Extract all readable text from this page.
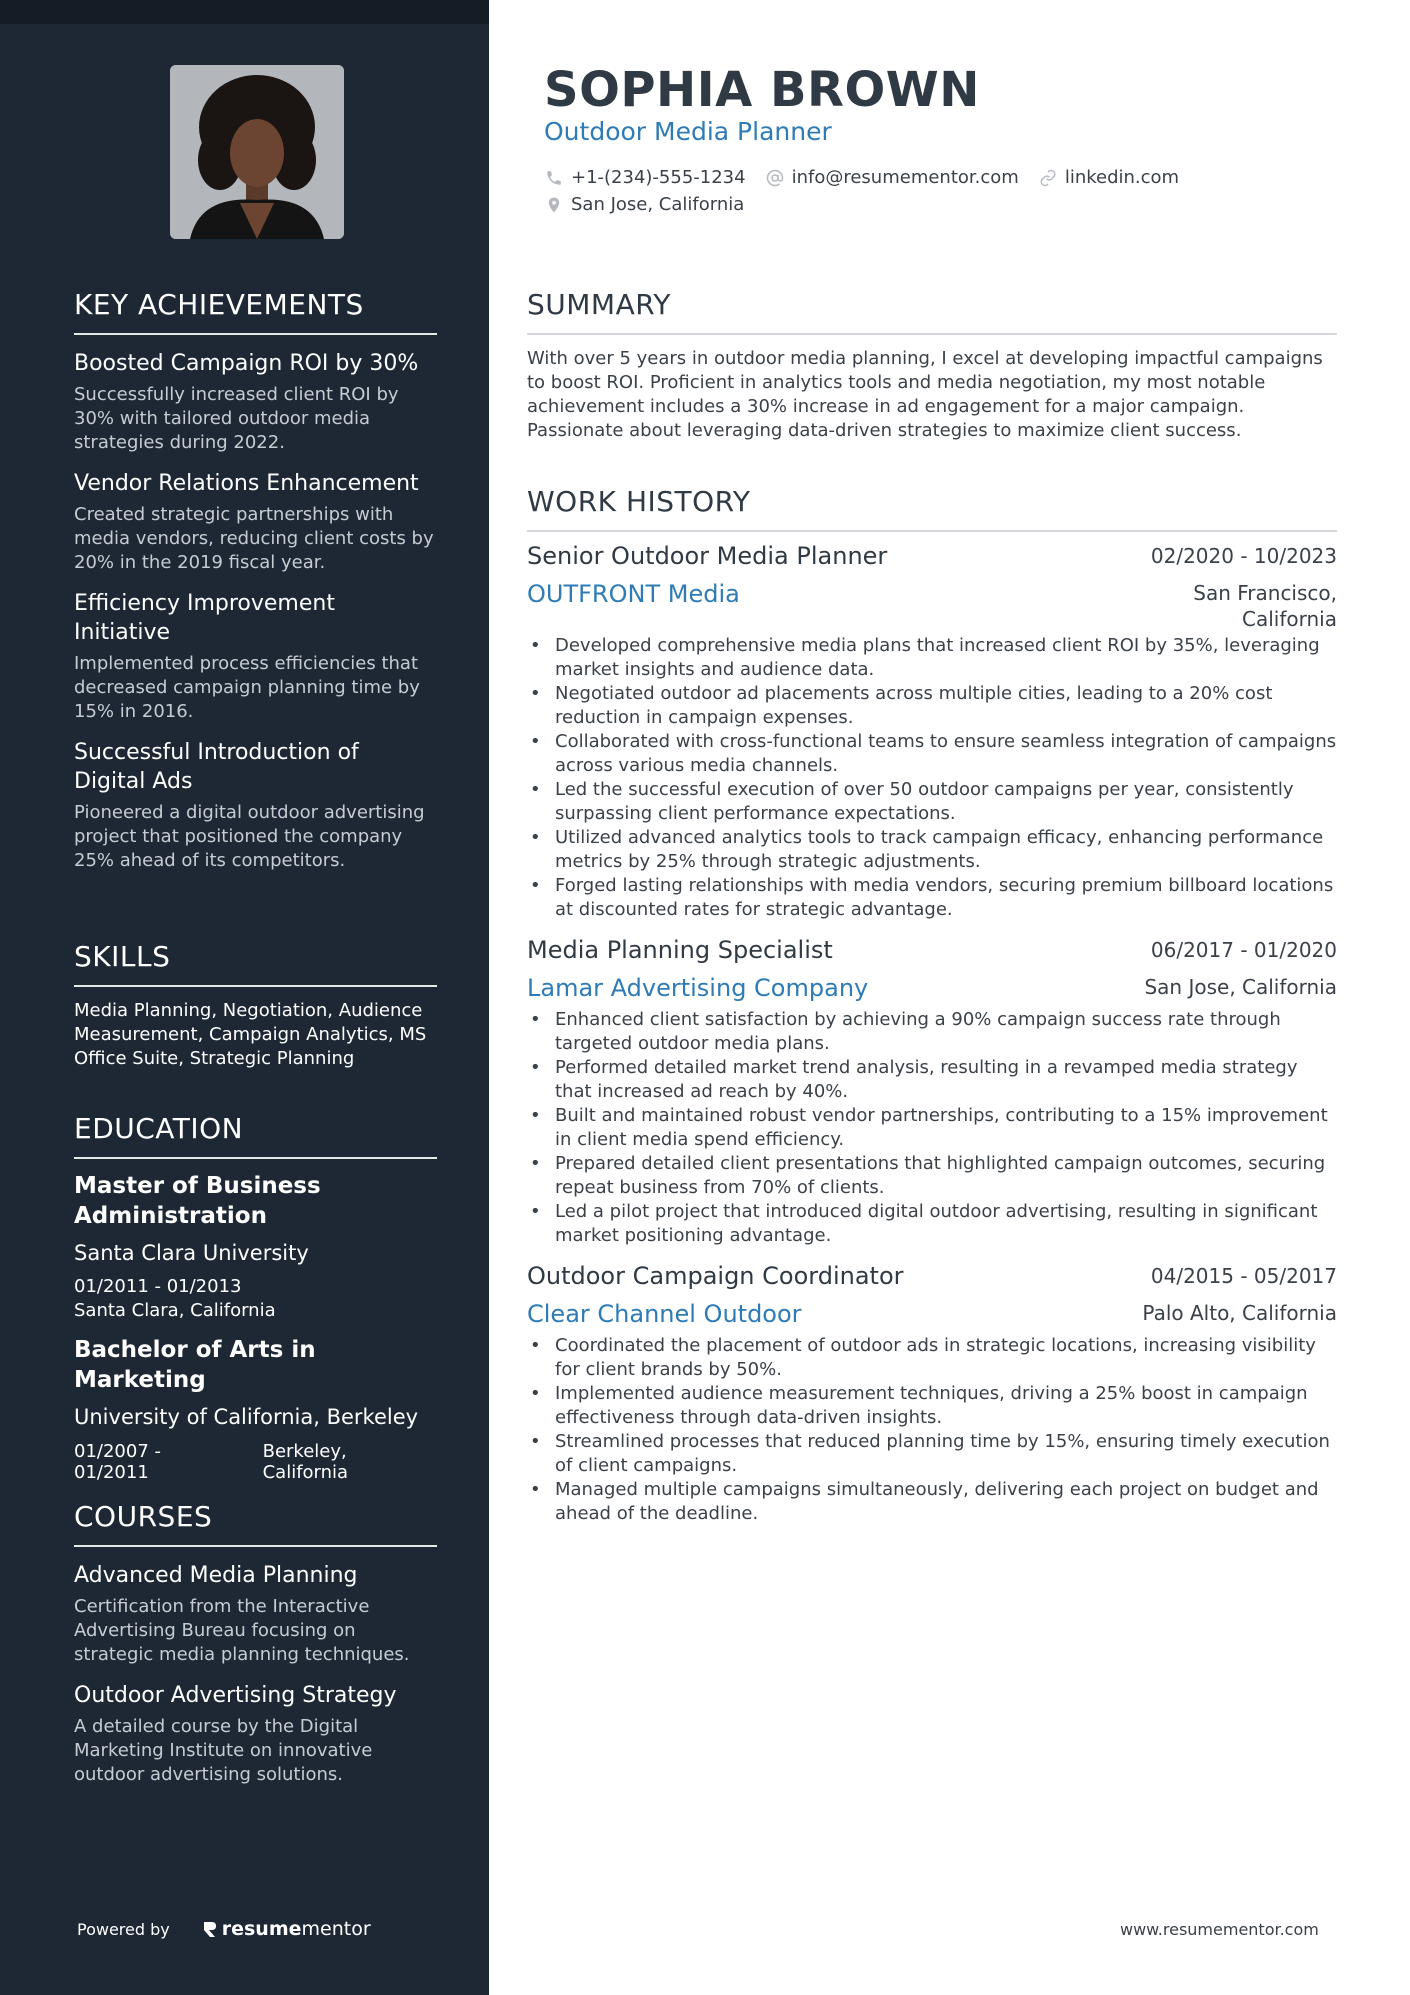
KEY ACHIEVEMENTS
Boosted Campaign ROI by 30%
Successfully increased client ROI by 30% with tailored outdoor media strategies during 2022.
Vendor Relations Enhancement
Created strategic partnerships with media vendors, reducing client costs by 20% in the 2019 fiscal year.
Efficiency Improvement Initiative
Implemented process efficiencies that decreased campaign planning time by 15% in 2016.
Successful Introduction of Digital Ads
Pioneered a digital outdoor advertising project that positioned the company 25% ahead of its competitors.
SKILLS
Media Planning, Negotiation, Audience Measurement, Campaign Analytics, MS Office Suite, Strategic Planning
EDUCATION
Master of Business Administration
Santa Clara University
01/2011 - 01/2013
Santa Clara, California
Bachelor of Arts in Marketing
University of California, Berkeley
01/2007 - 01/2011
Berkeley, California
COURSES
Advanced Media Planning
Certification from the Interactive Advertising Bureau focusing on strategic media planning techniques.
Outdoor Advertising Strategy
A detailed course by the Digital Marketing Institute on innovative outdoor advertising solutions.
Powered by	resume mentor
SOPHIA BROWN
Outdoor Media Planner
+1-(234)-555-1234	info@resumementor.com	linkedin.com
San Jose, California
SUMMARY
With over 5 years in outdoor media planning, I excel at developing impactful campaigns to boost ROI. Proficient in analytics tools and media negotiation, my most notable achievement includes a 30% increase in ad engagement for a major campaign. Passionate about leveraging data-driven strategies to maximize client success.
WORK HISTORY
Senior Outdoor Media Planner	02/2020 - 10/2023
OUTFRONT Media	San Francisco,
California
• Developed comprehensive media plans that increased client ROI by 35%, leveraging market insights and audience data.
• Negotiated outdoor ad placements across multiple cities, leading to a 20% cost reduction in campaign expenses.
• Collaborated with cross-functional teams to ensure seamless integration of campaigns across various media channels.
• Led the successful execution of over 50 outdoor campaigns per year, consistently surpassing client performance expectations.
• Utilized advanced analytics tools to track campaign efficacy, enhancing performance metrics by 25% through strategic adjustments.
• Forged lasting relationships with media vendors, securing premium billboard locations at discounted rates for strategic advantage.
Media Planning Specialist	06/2017 - 01/2020
Lamar Advertising Company	San Jose, California
• Enhanced client satisfaction by achieving a 90% campaign success rate through targeted outdoor media plans.
• Performed detailed market trend analysis, resulting in a revamped media strategy that increased ad reach by 40%.
• Built and maintained robust vendor partnerships, contributing to a 15% improvement in client media spend efficiency.
• Prepared detailed client presentations that highlighted campaign outcomes, securing repeat business from 70% of clients.
• Led a pilot project that introduced digital outdoor advertising, resulting in significant market positioning advantage.
Outdoor Campaign Coordinator	04/2015 - 05/2017
Clear Channel Outdoor	Palo Alto, California
• Coordinated the placement of outdoor ads in strategic locations, increasing visibility for client brands by 50%.
• Implemented audience measurement techniques, driving a 25% boost in campaign effectiveness through data-driven insights.
• Streamlined processes that reduced planning time by 15%, ensuring timely execution of client campaigns.
• Managed multiple campaigns simultaneously, delivering each project on budget and ahead of the deadline.
www.resumementor.com
